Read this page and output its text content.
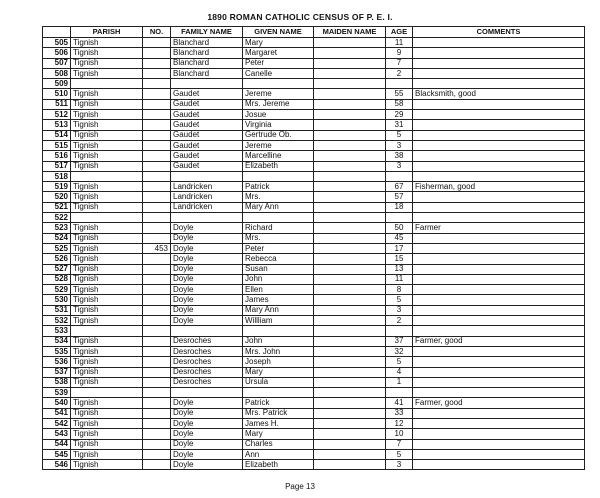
1890 ROMAN CATHOLIC CENSUS OF P. E. I.
	PARISH	NO.	FAMILY NAME	GIVEN NAME	MAIDEN NAME	AGE	COMMENTS
505	Tignish		Blanchard	Mary		11	
506	Tignish		Blanchard	Margaret		9	
507	Tignish		Blanchard	Peter		7	
508	Tignish		Blanchard	Canelle		2	
509							
510	Tignish		Gaudet	Jereme		55	Blacksmith, good
511	Tignish		Gaudet	Mrs. Jereme		58	
512	Tignish		Gaudet	Josue		29	
513	Tignish		Gaudet	Virginia		31	
514	Tignish		Gaudet	Gertrude Ob.		5	
515	Tignish		Gaudet	Jereme		3	
516	Tignish		Gaudet	Marcelline		38	
517	Tignish		Gaudet	Elizabeth		3	
518							
519	Tignish		Landricken	Patrick		67	Fisherman, good
520	Tignish		Landricken	Mrs.		57	
521	Tignish		Landricken	Mary Ann		18	
522							
523	Tignish		Doyle	Richard		50	Farmer
524	Tignish		Doyle	Mrs.		45	
525	Tignish	453	Doyle	Peter		17	
526	Tignish		Doyle	Rebecca		15	
527	Tignish		Doyle	Susan		13	
528	Tignish		Doyle	John		11	
529	Tignish		Doyle	Ellen		8	
530	Tignish		Doyle	James		5	
531	Tignish		Doyle	Mary Ann		3	
532	Tignish		Doyle	Willliam		2	
533							
534	Tignish		Desroches	John		37	Farmer, good
535	Tignish		Desroches	Mrs. John		32	
536	Tignish		Desroches	Joseph		5	
537	Tignish		Desroches	Mary		4	
538	Tignish		Desroches	Ursula		1	
539							
540	Tignish		Doyle	Patrick		41	Farmer, good
541	Tignish		Doyle	Mrs. Patrick		33	
542	Tignish		Doyle	James H.		12	
543	Tignish		Doyle	Mary		10	
544	Tignish		Doyle	Charles		7	
545	Tignish		Doyle	Ann		5	
546	Tignish		Doyle	Elizabeth		3	
Page 13
